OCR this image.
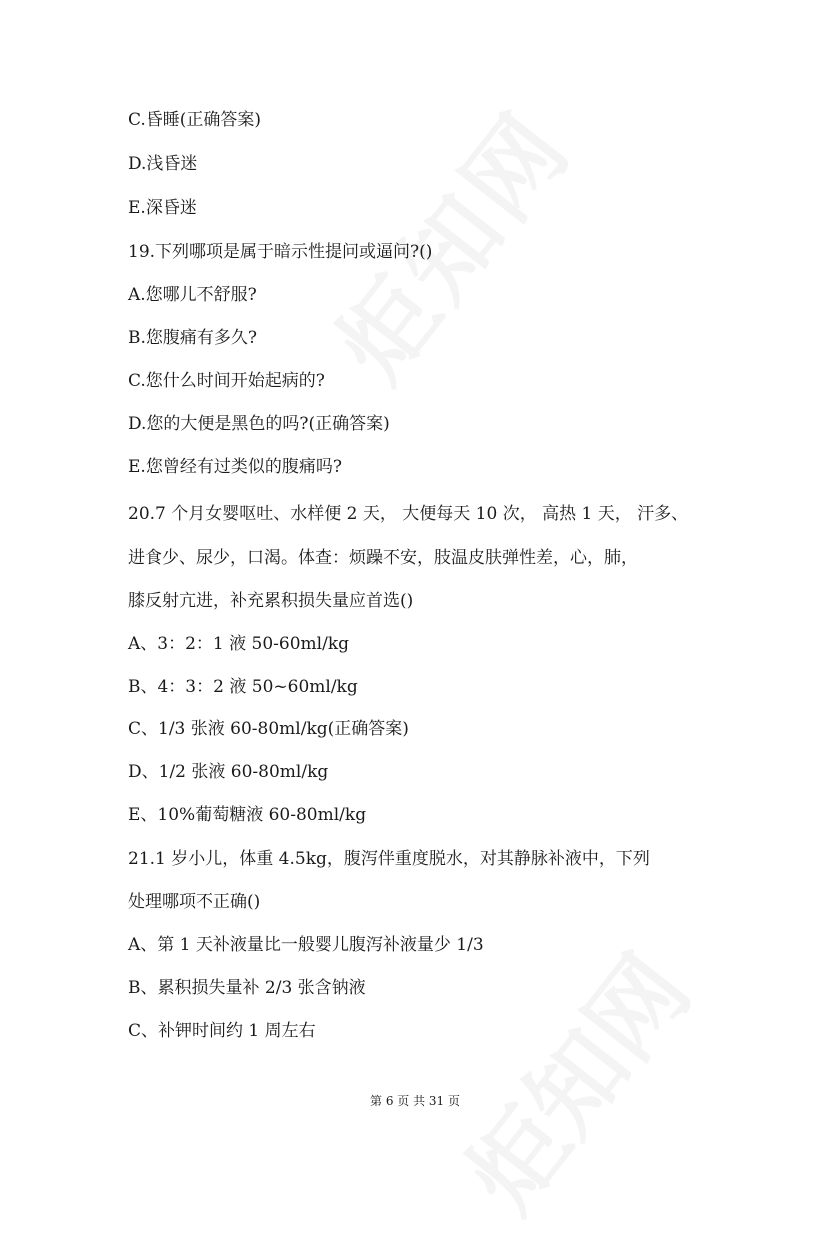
C.昏睡(正确答案)
D.浅昏迷
E.深昏迷
19.下列哪项是属于暗示性提问或逼问?()
A.您哪儿不舒服?
B.您腹痛有多久?
C.您什么时间开始起病的?
D.您的大便是黑色的吗?(正确答案)
E.您曾经有过类似的腹痛吗?
20.7 个月女婴呕吐、水样便 2 天， 大便每天 10 次， 高热 1 天， 汗多、
进食少、尿少，口渴。体查：烦躁不安，肢温皮肤弹性差，心，肺，
膝反射亢进，补充累积损失量应首选()
A、3：2：1 液 50-60ml/kg
B、4：3：2 液 50~60ml/kg
C、1/3 张液 60-80ml/kg(正确答案)
D、1/2 张液 60-80ml/kg
E、10%葡萄糖液 60-80ml/kg
21.1 岁小儿，体重 4.5kg，腹泻伴重度脱水，对其静脉补液中，下列
处理哪项不正确()
A、第 1 天补液量比一般婴儿腹泻补液量少 1/3
B、累积损失量补 2/3 张含钠液
C、补钾时间约 1 周左右
第 6 页 共 31 页
